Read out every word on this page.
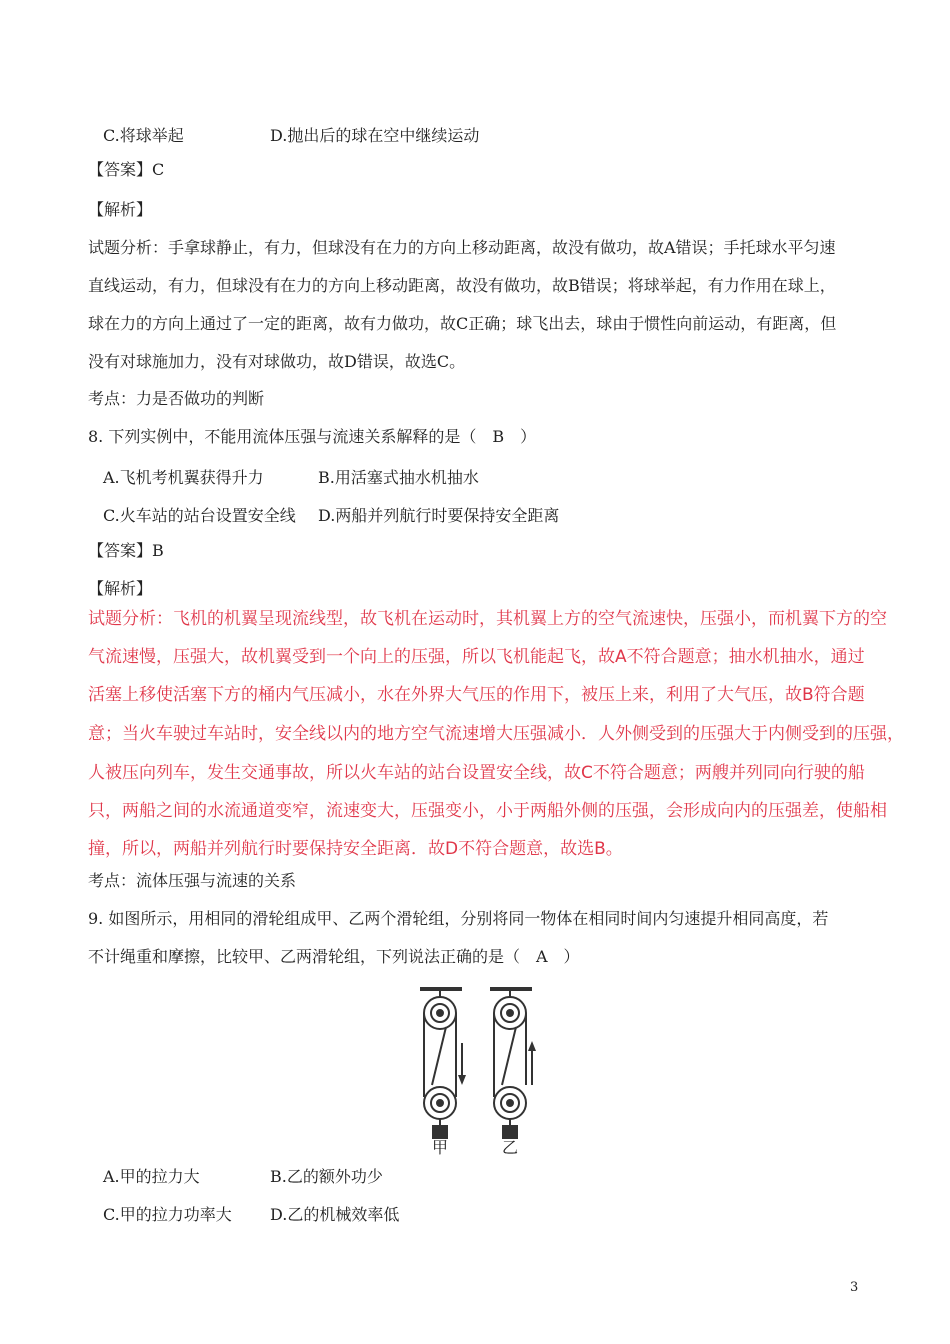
C.将球举起	D.抛出后的球在空中继续运动
【答案】C
【解析】
试题分析：手拿球静止，有力，但球没有在力的方向上移动距离，故没有做功，故A错误；手托球水平匀速
直线运动，有力，但球没有在力的方向上移动距离，故没有做功，故B错误；将球举起，有力作用在球上，
球在力的方向上通过了一定的距离，故有力做功，故C正确；球飞出去，球由于惯性向前运动，有距离，但
没有对球施加力，没有对球做功，故D错误，故选C。
考点：力是否做功的判断
8. 下列实例中，不能用流体压强与流速关系解释的是（　B　）
A.飞机考机翼获得升力	B.用活塞式抽水机抽水
C.火车站的站台设置安全线 D.两船并列航行时要保持安全距离
【答案】B
【解析】
试题分析：飞机的机翼呈现流线型，故飞机在运动时，其机翼上方的空气流速快，压强小，而机翼下方的空
气流速慢，压强大，故机翼受到一个向上的压强，所以飞机能起飞，故A不符合题意；抽水机抽水，通过
活塞上移使活塞下方的桶内气压减小，水在外界大气压的作用下，被压上来，利用了大气压，故B符合题
意；当火车驶过车站时，安全线以内的地方空气流速增大压强减小．人外侧受到的压强大于内侧受到的压强，
人被压向列车，发生交通事故，所以火车站的站台设置安全线，故C不符合题意；两艘并列同向行驶的船
只，两船之间的水流通道变窄，流速变大，压强变小，小于两船外侧的压强，会形成向内的压强差，使船相
撞，所以，两船并列航行时要保持安全距离．故D不符合题意，故选B。
考点：流体压强与流速的关系
9. 如图所示，用相同的滑轮组成甲、乙两个滑轮组，分别将同一物体在相同时间内匀速提升相同高度，若
不计绳重和摩擦，比较甲、乙两滑轮组，下列说法正确的是（　A　）
甲	乙
A.甲的拉力大	B.乙的额外功少
C.甲的拉力功率大 D.乙的机械效率低
3
